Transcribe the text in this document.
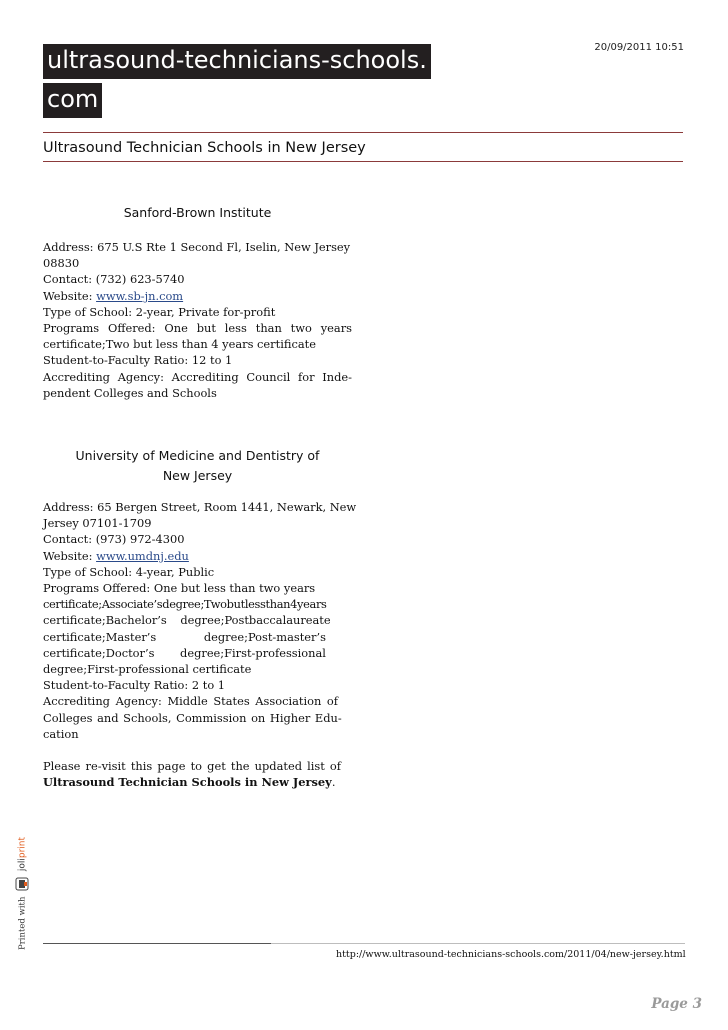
ultrasound-technicians-schools.
com
20/09/2011 10:51
Ultrasound Technician Schools in New Jersey
Sanford-Brown Institute
Address: 675 U.S Rte 1 Second Fl, Iselin, New Jersey
08830
Contact: (732) 623-5740
Website: www.sb-jn.com
Type of School: 2-year, Private for-profit
Programs Offered: One but less than two years
certificate;Two but less than 4 years certificate
Student-to-Faculty Ratio: 12 to 1
Accrediting Agency: Accrediting Council for Inde-
pendent Colleges and Schools
University of Medicine and Dentistry of
New Jersey
Address: 65 Bergen Street, Room 1441, Newark, New
Jersey 07101-1709
Contact: (973) 972-4300
Website: www.umdnj.edu
Type of School: 4-year, Public
Programs Offered: One but less than two years
certificate;Associate’sdegree;Twobutlessthan4years
certificate;Bachelor’s degree;Postbaccalaureate
certificate;Master’s degree;Post-master’s
certificate;Doctor’s degree;First-professional
degree;First-professional certificate
Student-to-Faculty Ratio: 2 to 1
Accrediting Agency: Middle States Association of
Colleges and Schools, Commission on Higher Edu-
cation
Please re-visit this page to get the updated list of
Ultrasound Technician Schools in New Jersey.
Printed with  joliprint
http://www.ultrasound-technicians-schools.com/2011/04/new-jersey.html
Page 3
